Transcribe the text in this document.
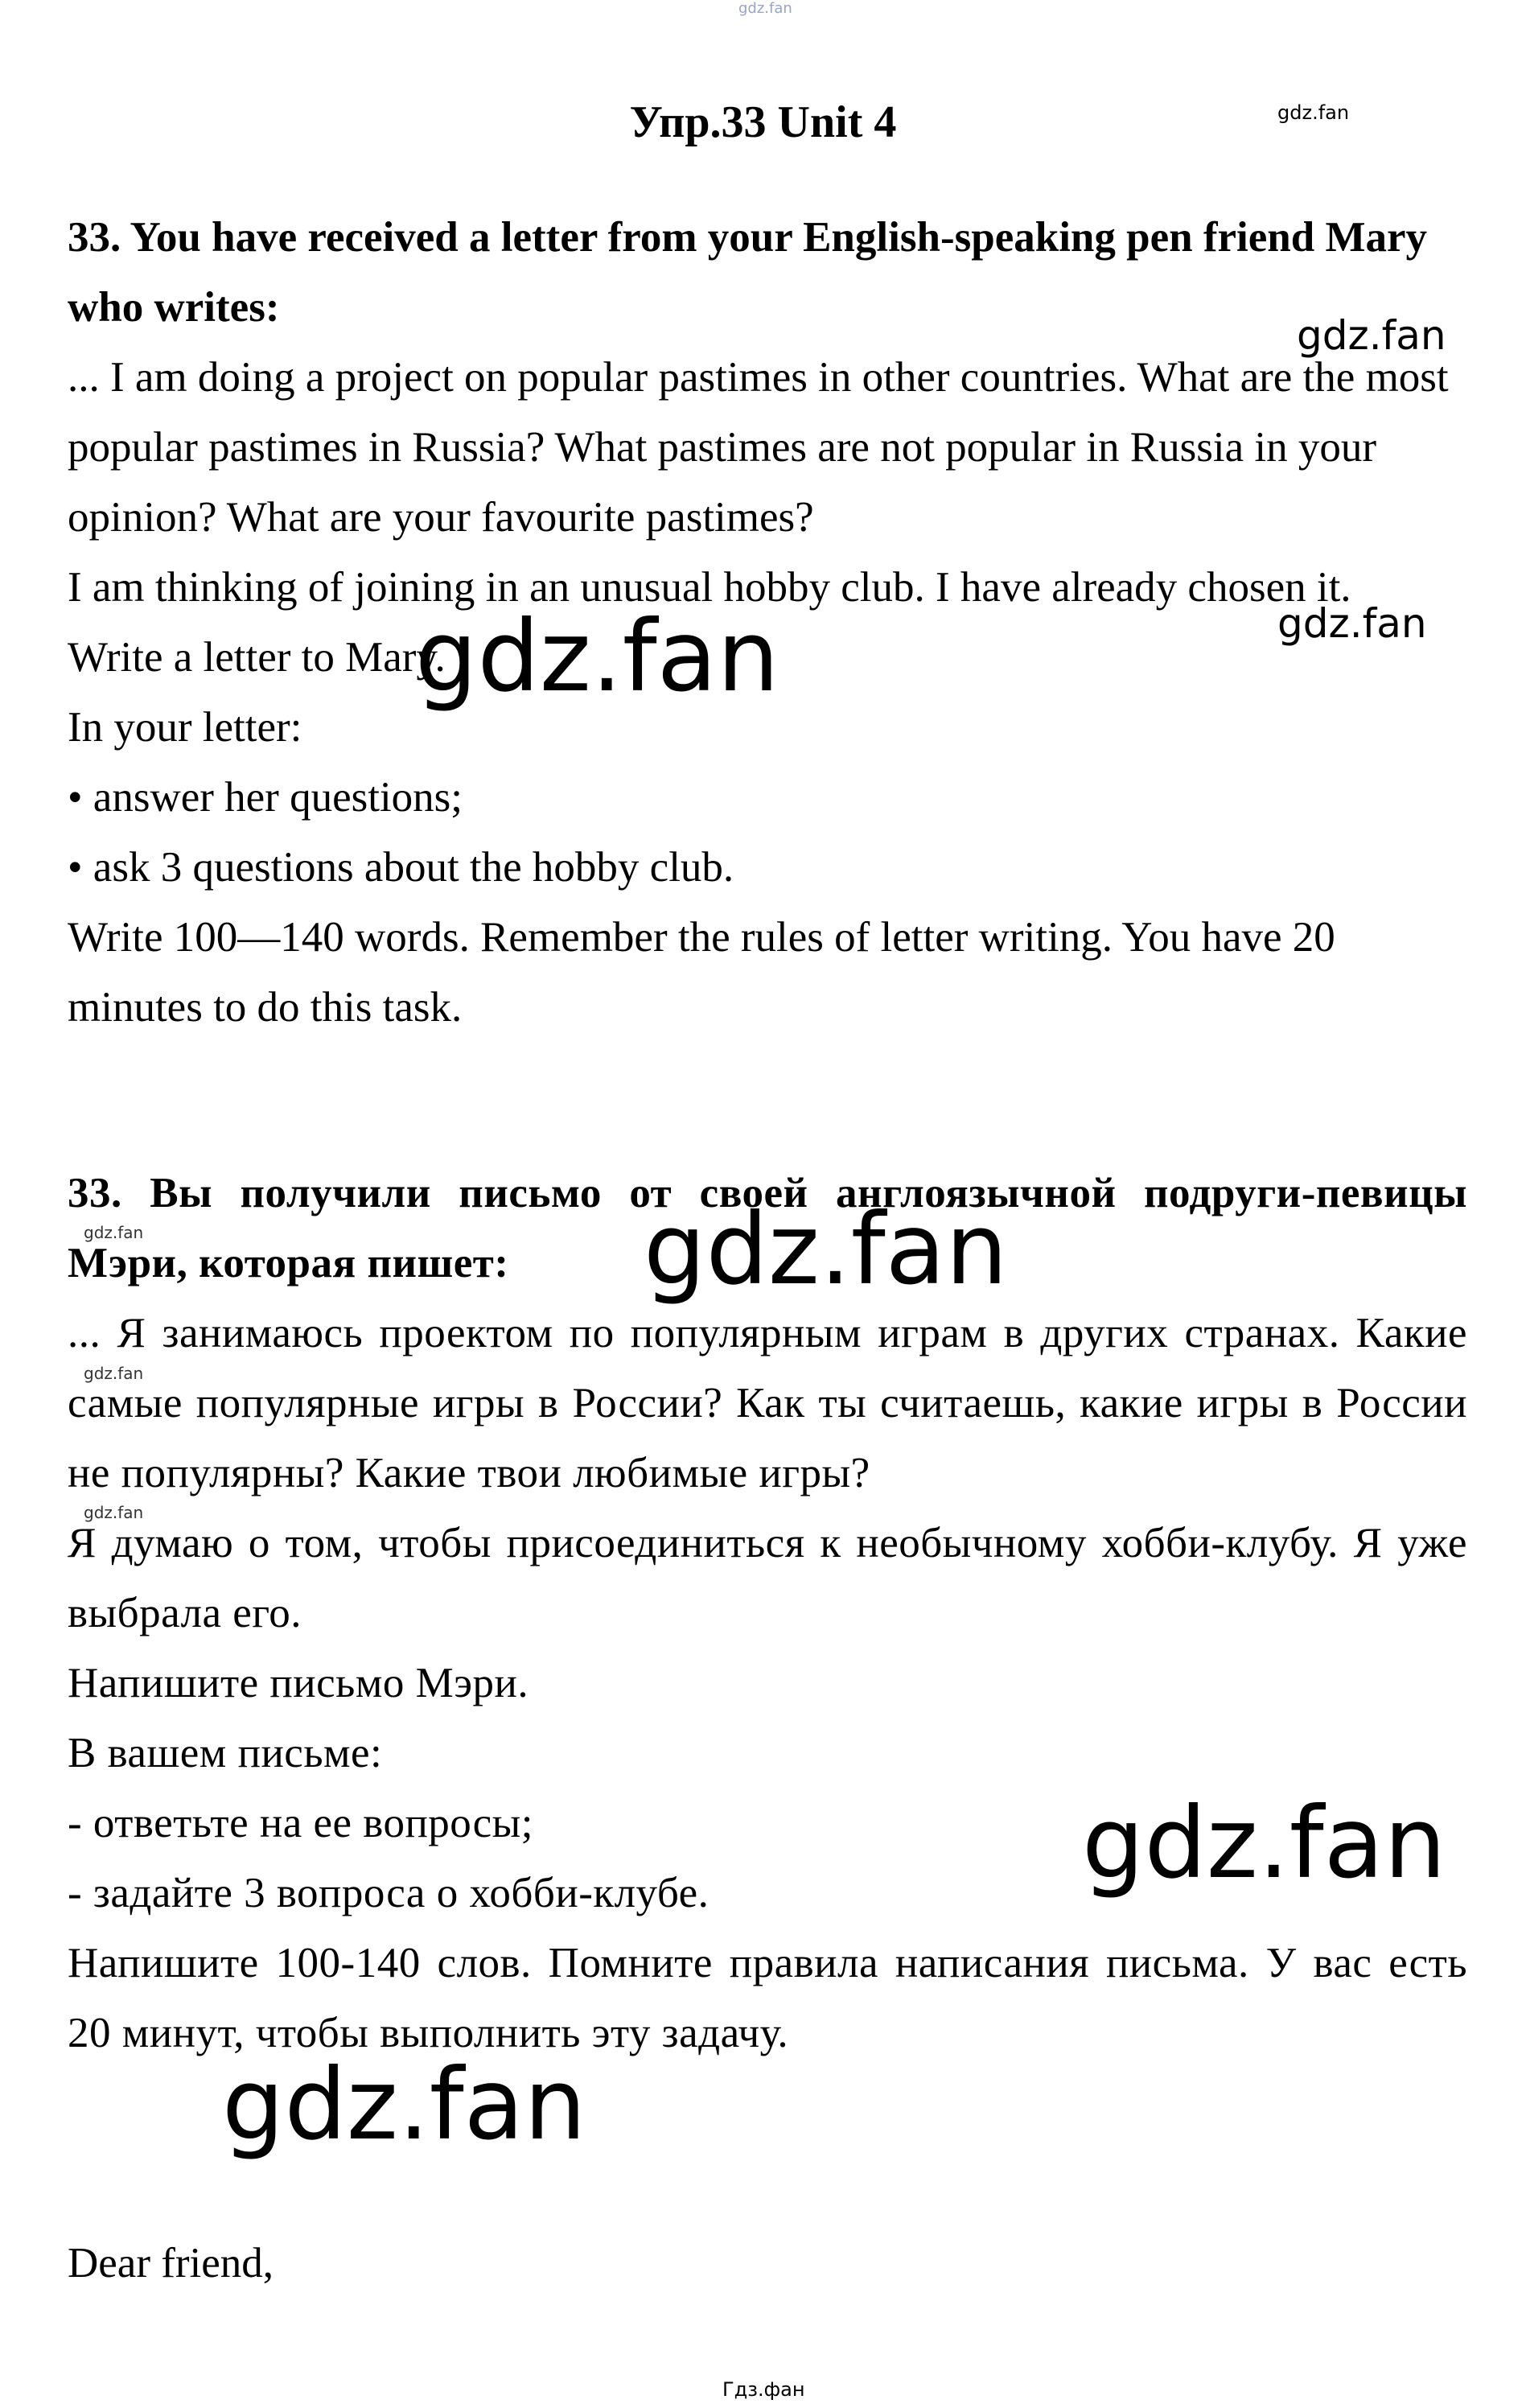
gdz.fan
Упр.33 Unit 4	gdz.fan

33. You have received a letter from your English-speaking pen friend Mary who writes:

... I am doing a project on popular pastimes in other countries. What are the most popular pastimes in Russia? What pastimes are not popular in Russia in your opinion? What are your favourite pastimes?

I am thinking of joining in an unusual hobby club. I have already chosen it.

Write a letter to Mary.

In your letter:

• answer her questions;

• ask 3 questions about the hobby club.

Write 100—140 words. Remember the rules of letter writing. You have 20 minutes to do this task.

gdz.fan
gdz.fan
gdz.fan

33. Вы получили письмо от своей англоязычной подруги-певицы Мэри, которая пишет:

... Я занимаюсь проектом по популярным играм в других странах. Какие самые популярные игры в России? Как ты считаешь, какие игры в России не популярны? Какие твои любимые игры?

Я думаю о том, чтобы присоединиться к необычному хобби-клубу. Я уже выбрала его.

Напишите письмо Мэри.

В вашем письме:

- ответьте на ее вопросы;

- задайте 3 вопроса о хобби-клубе.

Напишите 100-140 слов. Помните правила написания письма. У вас есть 20 минут, чтобы выполнить эту задачу.

gdz.fan	gdz.fan
gdz.fan
gdz.fan
gdz.fan
gdz.fan

Dear friend,

Гдз.фан
